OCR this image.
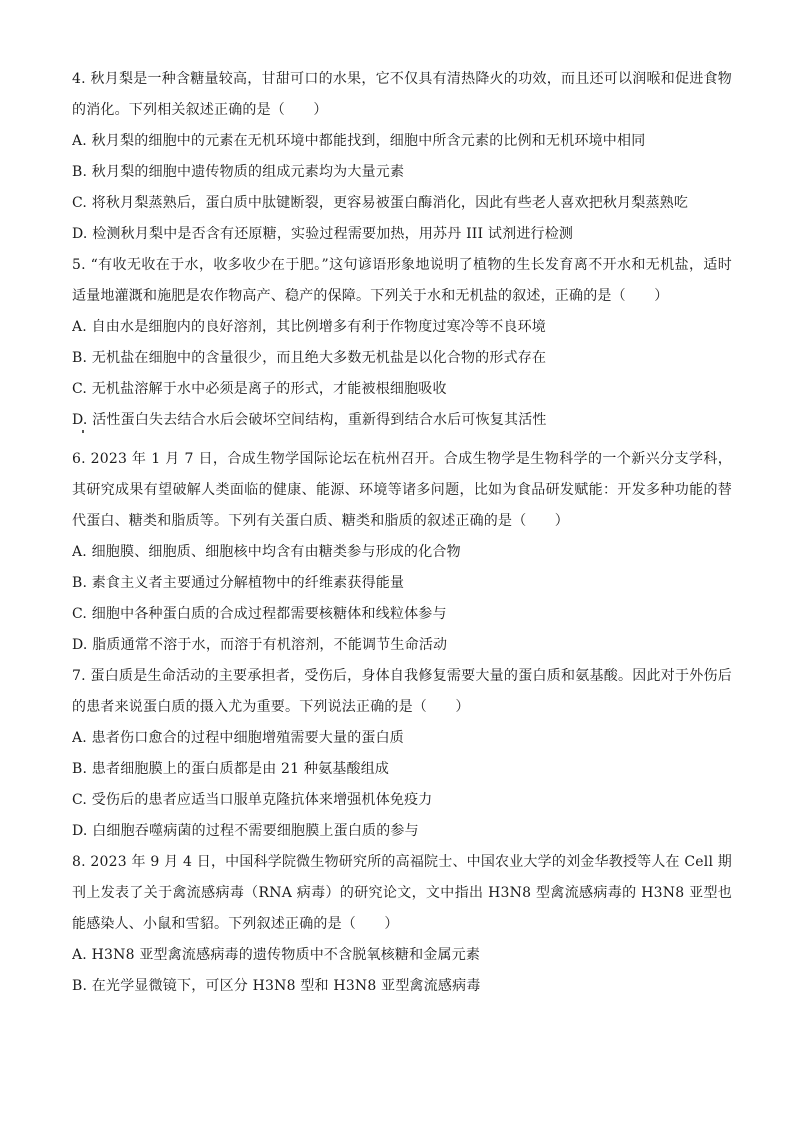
4. 秋月梨是一种含糖量较高，甘甜可口的水果，它不仅具有清热降火的功效，而且还可以润喉和促进食物的消化。下列相关叙述正确的是（　　）

A. 秋月梨的细胞中的元素在无机环境中都能找到，细胞中所含元素的比例和无机环境中相同

B. 秋月梨的细胞中遗传物质的组成元素均为大量元素

C. 将秋月梨蒸熟后，蛋白质中肽键断裂，更容易被蛋白酶消化，因此有些老人喜欢把秋月梨蒸熟吃

D. 检测秋月梨中是否含有还原糖，实验过程需要加热，用苏丹 III 试剂进行检测

5. “有收无收在于水，收多收少在于肥。”这句谚语形象地说明了植物的生长发育离不开水和无机盐，适时适量地灌溉和施肥是农作物高产、稳产的保障。下列关于水和无机盐的叙述，正确的是（　　）

A. 自由水是细胞内的良好溶剂，其比例增多有利于作物度过寒冷等不良环境

B. 无机盐在细胞中的含量很少，而且绝大多数无机盐是以化合物的形式存在

C. 无机盐溶解于水中必须是离子的形式，才能被根细胞吸收

D. 活性蛋白失去结合水后会破坏空间结构，重新得到结合水后可恢复其活性

6. 2023 年 1 月 7 日，合成生物学国际论坛在杭州召开。合成生物学是生物科学的一个新兴分支学科，其研究成果有望破解人类面临的健康、能源、环境等诸多问题，比如为食品研发赋能：开发多种功能的替代蛋白、糖类和脂质等。下列有关蛋白质、糖类和脂质的叙述正确的是（　　）

A. 细胞膜、细胞质、细胞核中均含有由糖类参与形成的化合物

B. 素食主义者主要通过分解植物中的纤维素获得能量

C. 细胞中各种蛋白质的合成过程都需要核糖体和线粒体参与

D. 脂质通常不溶于水，而溶于有机溶剂，不能调节生命活动

7. 蛋白质是生命活动的主要承担者，受伤后，身体自我修复需要大量的蛋白质和氨基酸。因此对于外伤后的患者来说蛋白质的摄入尤为重要。下列说法正确的是（　　）

A. 患者伤口愈合的过程中细胞增殖需要大量的蛋白质

B. 患者细胞膜上的蛋白质都是由 21 种氨基酸组成

C. 受伤后的患者应适当口服单克隆抗体来增强机体免疫力

D. 白细胞吞噬病菌的过程不需要细胞膜上蛋白质的参与

8. 2023 年 9 月 4 日，中国科学院微生物研究所的高福院士、中国农业大学的刘金华教授等人在 Cell 期刊上发表了关于禽流感病毒（RNA 病毒）的研究论文，文中指出 H3N8 型禽流感病毒的 H3N8 亚型也能感染人、小鼠和雪貂。下列叙述正确的是（　　）

A. H3N8 亚型禽流感病毒的遗传物质中不含脱氧核糖和金属元素

B. 在光学显微镜下，可区分 H3N8 型和 H3N8 亚型禽流感病毒
